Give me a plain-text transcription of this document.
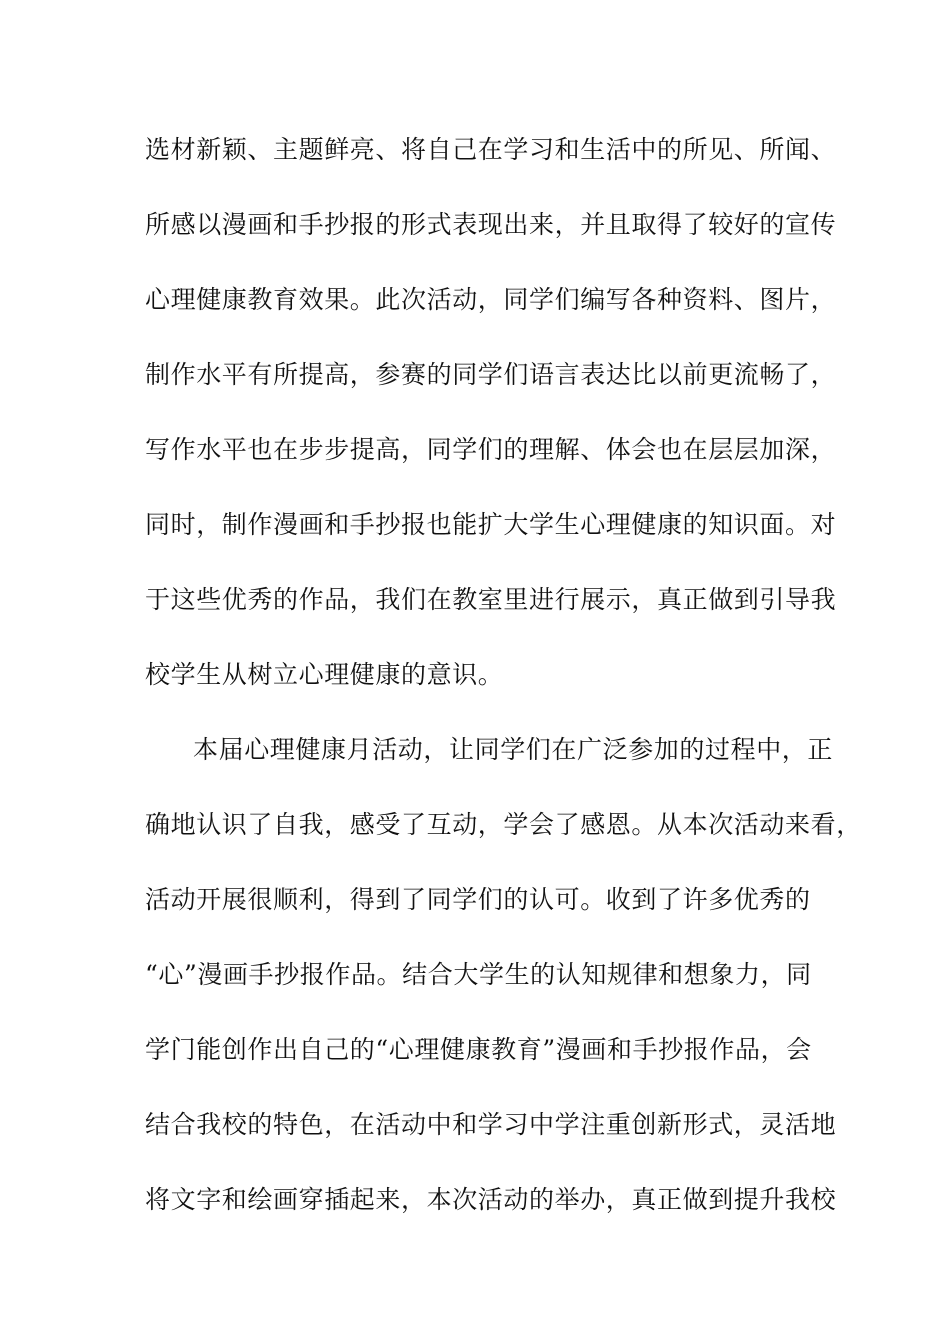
选材新颖、主题鲜亮、将自己在学习和生活中的所见、所闻、
所感以漫画和手抄报的形式表现出来，并且取得了较好的宣传
心理健康教育效果。此次活动，同学们编写各种资料、图片，
制作水平有所提高，参赛的同学们语言表达比以前更流畅了，
写作水平也在步步提高，同学们的理解、体会也在层层加深，
同时，制作漫画和手抄报也能扩大学生心理健康的知识面。对
于这些优秀的作品，我们在教室里进行展示，真正做到引导我
校学生从树立心理健康的意识。
本届心理健康月活动，让同学们在广泛参加的过程中，正
确地认识了自我，感受了互动，学会了感恩。从本次活动来看，
活动开展很顺利，得到了同学们的认可。收到了许多优秀的
“心”漫画手抄报作品。结合大学生的认知规律和想象力，同
学门能创作出自己的“心理健康教育”漫画和手抄报作品，会
结合我校的特色，在活动中和学习中学注重创新形式，灵活地
将文字和绘画穿插起来，本次活动的举办，真正做到提升我校
